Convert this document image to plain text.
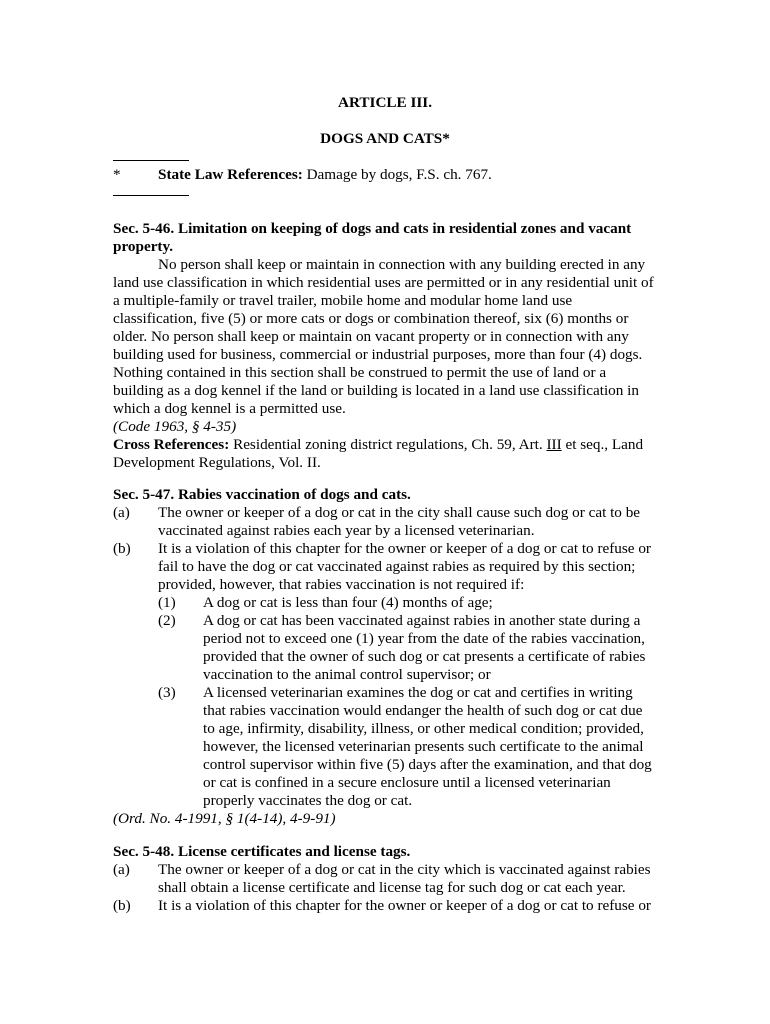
ARTICLE III.
DOGS AND CATS*
* State Law References: Damage by dogs, F.S. ch. 767.
Sec. 5-46. Limitation on keeping of dogs and cats in residential zones and vacant property.
No person shall keep or maintain in connection with any building erected in any land use classification in which residential uses are permitted or in any residential unit of a multiple-family or travel trailer, mobile home and modular home land use classification, five (5) or more cats or dogs or combination thereof, six (6) months or older. No person shall keep or maintain on vacant property or in connection with any building used for business, commercial or industrial purposes, more than four (4) dogs. Nothing contained in this section shall be construed to permit the use of land or a building as a dog kennel if the land or building is located in a land use classification in which a dog kennel is a permitted use.
(Code 1963, § 4-35)
Cross References: Residential zoning district regulations, Ch. 59, Art. III et seq., Land Development Regulations, Vol. II.
Sec. 5-47. Rabies vaccination of dogs and cats.
(a) The owner or keeper of a dog or cat in the city shall cause such dog or cat to be vaccinated against rabies each year by a licensed veterinarian.
(b) It is a violation of this chapter for the owner or keeper of a dog or cat to refuse or fail to have the dog or cat vaccinated against rabies as required by this section; provided, however, that rabies vaccination is not required if:
(1) A dog or cat is less than four (4) months of age;
(2) A dog or cat has been vaccinated against rabies in another state during a period not to exceed one (1) year from the date of the rabies vaccination, provided that the owner of such dog or cat presents a certificate of rabies vaccination to the animal control supervisor; or
(3) A licensed veterinarian examines the dog or cat and certifies in writing that rabies vaccination would endanger the health of such dog or cat due to age, infirmity, disability, illness, or other medical condition; provided, however, the licensed veterinarian presents such certificate to the animal control supervisor within five (5) days after the examination, and that dog or cat is confined in a secure enclosure until a licensed veterinarian properly vaccinates the dog or cat.
(Ord. No. 4-1991, § 1(4-14), 4-9-91)
Sec. 5-48. License certificates and license tags.
(a) The owner or keeper of a dog or cat in the city which is vaccinated against rabies shall obtain a license certificate and license tag for such dog or cat each year.
(b) It is a violation of this chapter for the owner or keeper of a dog or cat to refuse or
